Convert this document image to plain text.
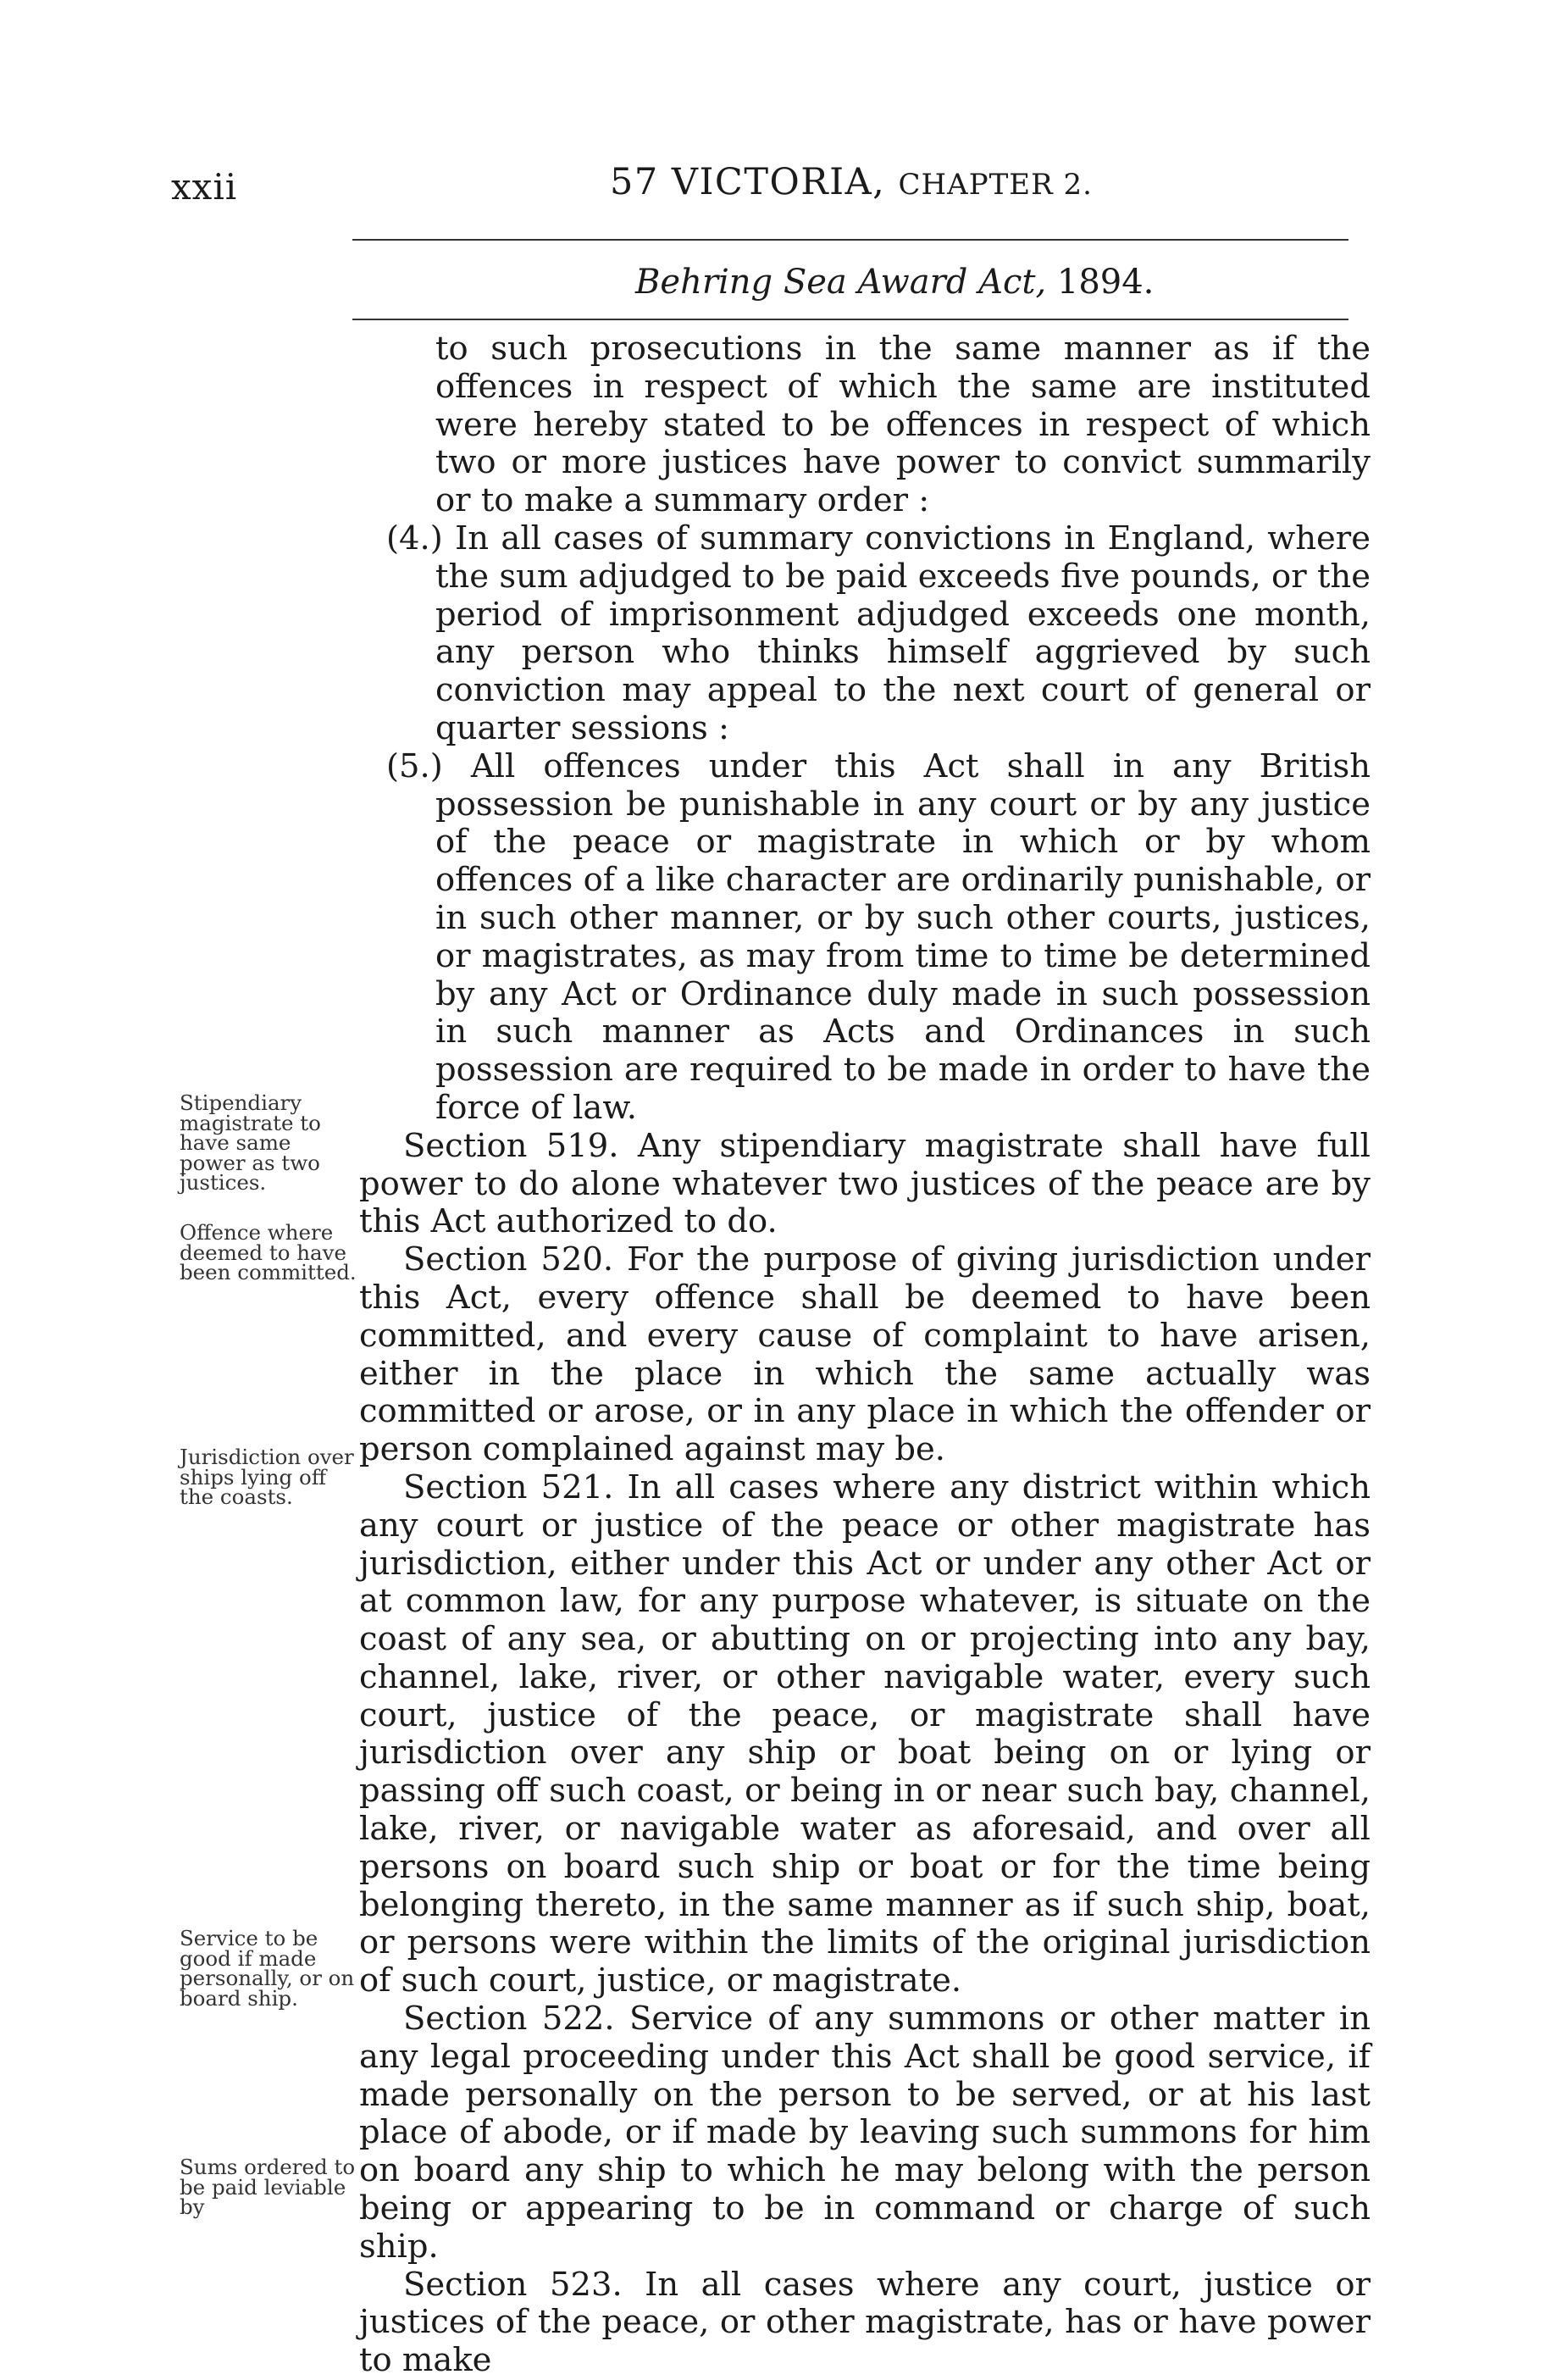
xxii	57 VICTORIA, CHAPTER 2.
Behring Sea Award Act, 1894.
Stipendiary magistrate to have same power as two justices.
Offence where deemed to have been committed.
Jurisdiction over ships lying off the coasts.
Service to be good if made personally, or on board ship.
Sums ordered to be paid leviable by

to such prosecutions in the same manner as if the offences in respect of which the same are instituted were hereby stated to be offences in respect of which two or more justices have power to convict summarily or to make a summary order :

(4.) In all cases of summary convictions in England, where the sum adjudged to be paid exceeds five pounds, or the period of imprisonment adjudged exceeds one month, any person who thinks himself aggrieved by such conviction may appeal to the next court of general or quarter sessions :

(5.) All offences under this Act shall in any British possession be punishable in any court or by any justice of the peace or magistrate in which or by whom offences of a like character are ordinarily punishable, or in such other manner, or by such other courts, justices, or magistrates, as may from time to time be determined by any Act or Ordinance duly made in such possession in such manner as Acts and Ordinances in such possession are required to be made in order to have the force of law.

Section 519. Any stipendiary magistrate shall have full power to do alone whatever two justices of the peace are by this Act authorized to do.

Section 520. For the purpose of giving jurisdiction under this Act, every offence shall be deemed to have been committed, and every cause of complaint to have arisen, either in the place in which the same actually was committed or arose, or in any place in which the offender or person complained against may be.

Section 521. In all cases where any district within which any court or justice of the peace or other magistrate has jurisdiction, either under this Act or under any other Act or at common law, for any purpose whatever, is situate on the coast of any sea, or abutting on or projecting into any bay, channel, lake, river, or other navigable water, every such court, justice of the peace, or magistrate shall have jurisdiction over any ship or boat being on or lying or passing off such coast, or being in or near such bay, channel, lake, river, or navigable water as aforesaid, and over all persons on board such ship or boat or for the time being belonging thereto, in the same manner as if such ship, boat, or persons were within the limits of the original jurisdiction of such court, justice, or magistrate.

Section 522. Service of any summons or other matter in any legal proceeding under this Act shall be good service, if made personally on the person to be served, or at his last place of abode, or if made by leaving such summons for him on board any ship to which he may belong with the person being or appearing to be in command or charge of such ship.

Section 523. In all cases where any court, justice or justices of the peace, or other magistrate, has or have power to make
